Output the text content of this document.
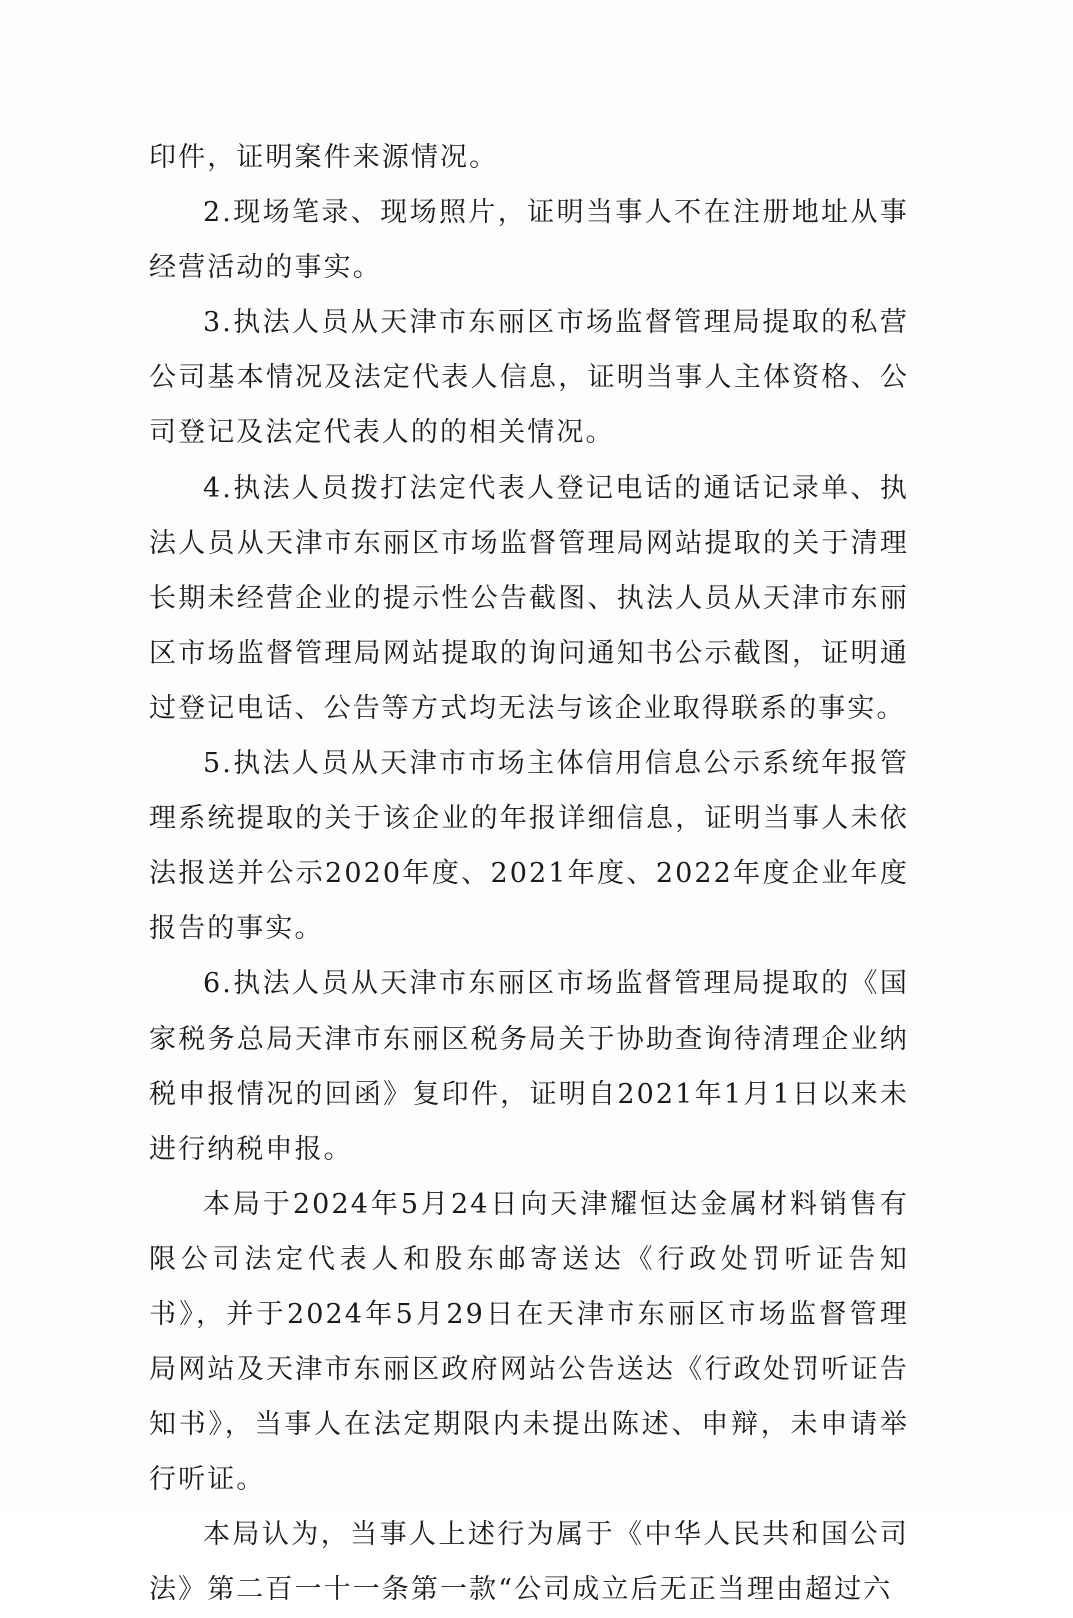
印件，证明案件来源情况。

2.现场笔录、现场照片，证明当事人不在注册地址从事经营活动的事实。

3.执法人员从天津市东丽区市场监督管理局提取的私营公司基本情况及法定代表人信息，证明当事人主体资格、公司登记及法定代表人的的相关情况。

4.执法人员拨打法定代表人登记电话的通话记录单、执法人员从天津市东丽区市场监督管理局网站提取的关于清理长期未经营企业的提示性公告截图、执法人员从天津市东丽区市场监督管理局网站提取的询问通知书公示截图，证明通过登记电话、公告等方式均无法与该企业取得联系的事实。

5.执法人员从天津市市场主体信用信息公示系统年报管理系统提取的关于该企业的年报详细信息，证明当事人未依法报送并公示2020年度、2021年度、2022年度企业年度报告的事实。

6.执法人员从天津市东丽区市场监督管理局提取的《国家税务总局天津市东丽区税务局关于协助查询待清理企业纳税申报情况的回函》复印件，证明自2021年1月1日以来未进行纳税申报。

本局于2024年5月24日向天津耀恒达金属材料销售有限公司法定代表人和股东邮寄送达《行政处罚听证告知书》，并于2024年5月29日在天津市东丽区市场监督管理局网站及天津市东丽区政府网站公告送达《行政处罚听证告知书》，当事人在法定期限内未提出陈述、申辩，未申请举行听证。

本局认为，当事人上述行为属于《中华人民共和国公司法》第二百一十一条第一款“公司成立后无正当理由超过六
